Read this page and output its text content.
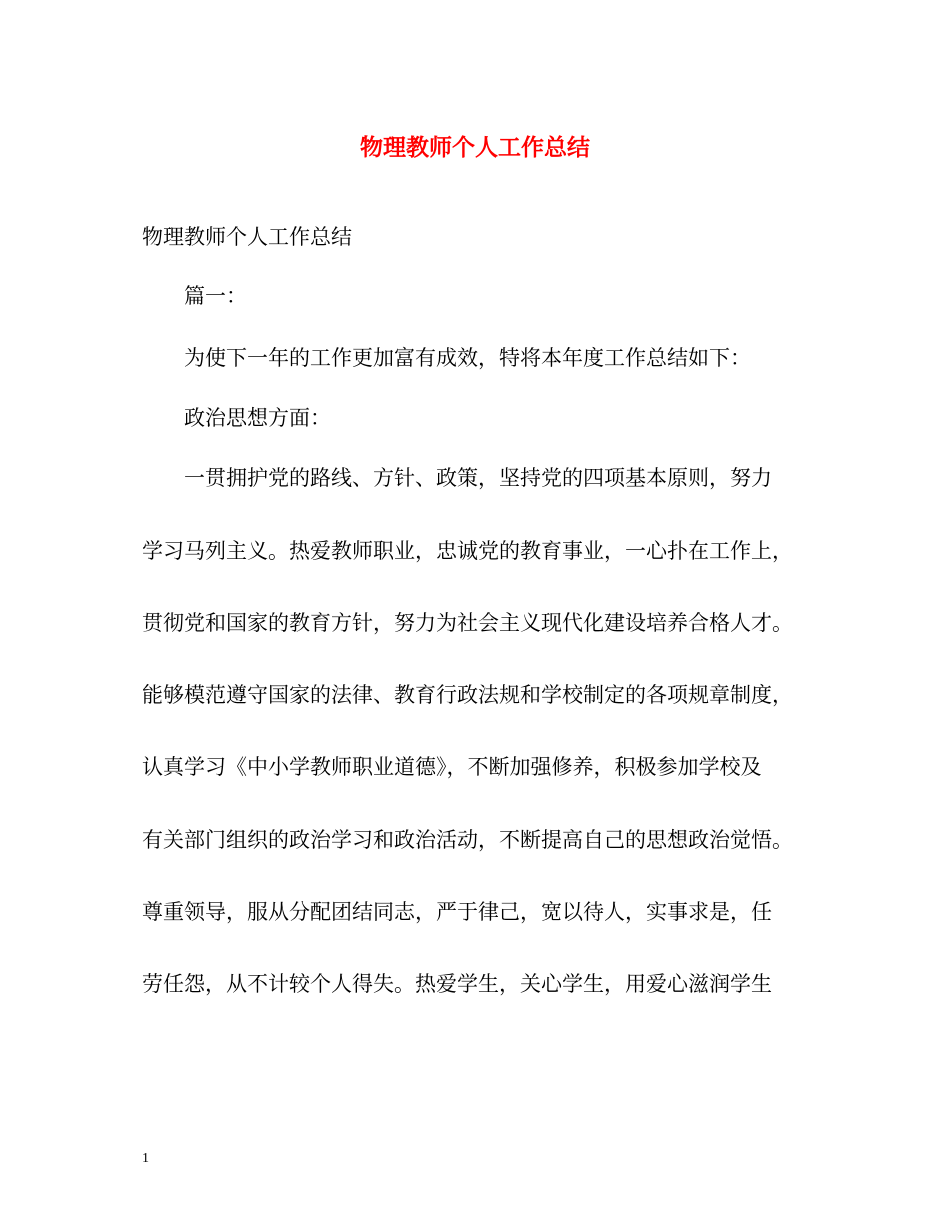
物理教师个人工作总结

物理教师个人工作总结

篇一：

为使下一年的工作更加富有成效，特将本年度工作总结如下：

政治思想方面：

一贯拥护党的路线、方针、政策，坚持党的四项基本原则，努力

学习马列主义。热爱教师职业，忠诚党的教育事业，一心扑在工作上，

贯彻党和国家的教育方针，努力为社会主义现代化建设培养合格人才。

能够模范遵守国家的法律、教育行政法规和学校制定的各项规章制度，

认真学习《中小学教师职业道德》，不断加强修养，积极参加学校及

有关部门组织的政治学习和政治活动，不断提高自己的思想政治觉悟。

尊重领导，服从分配团结同志，严于律己，宽以待人，实事求是，任

劳任怨，从不计较个人得失。热爱学生，关心学生，用爱心滋润学生

1
